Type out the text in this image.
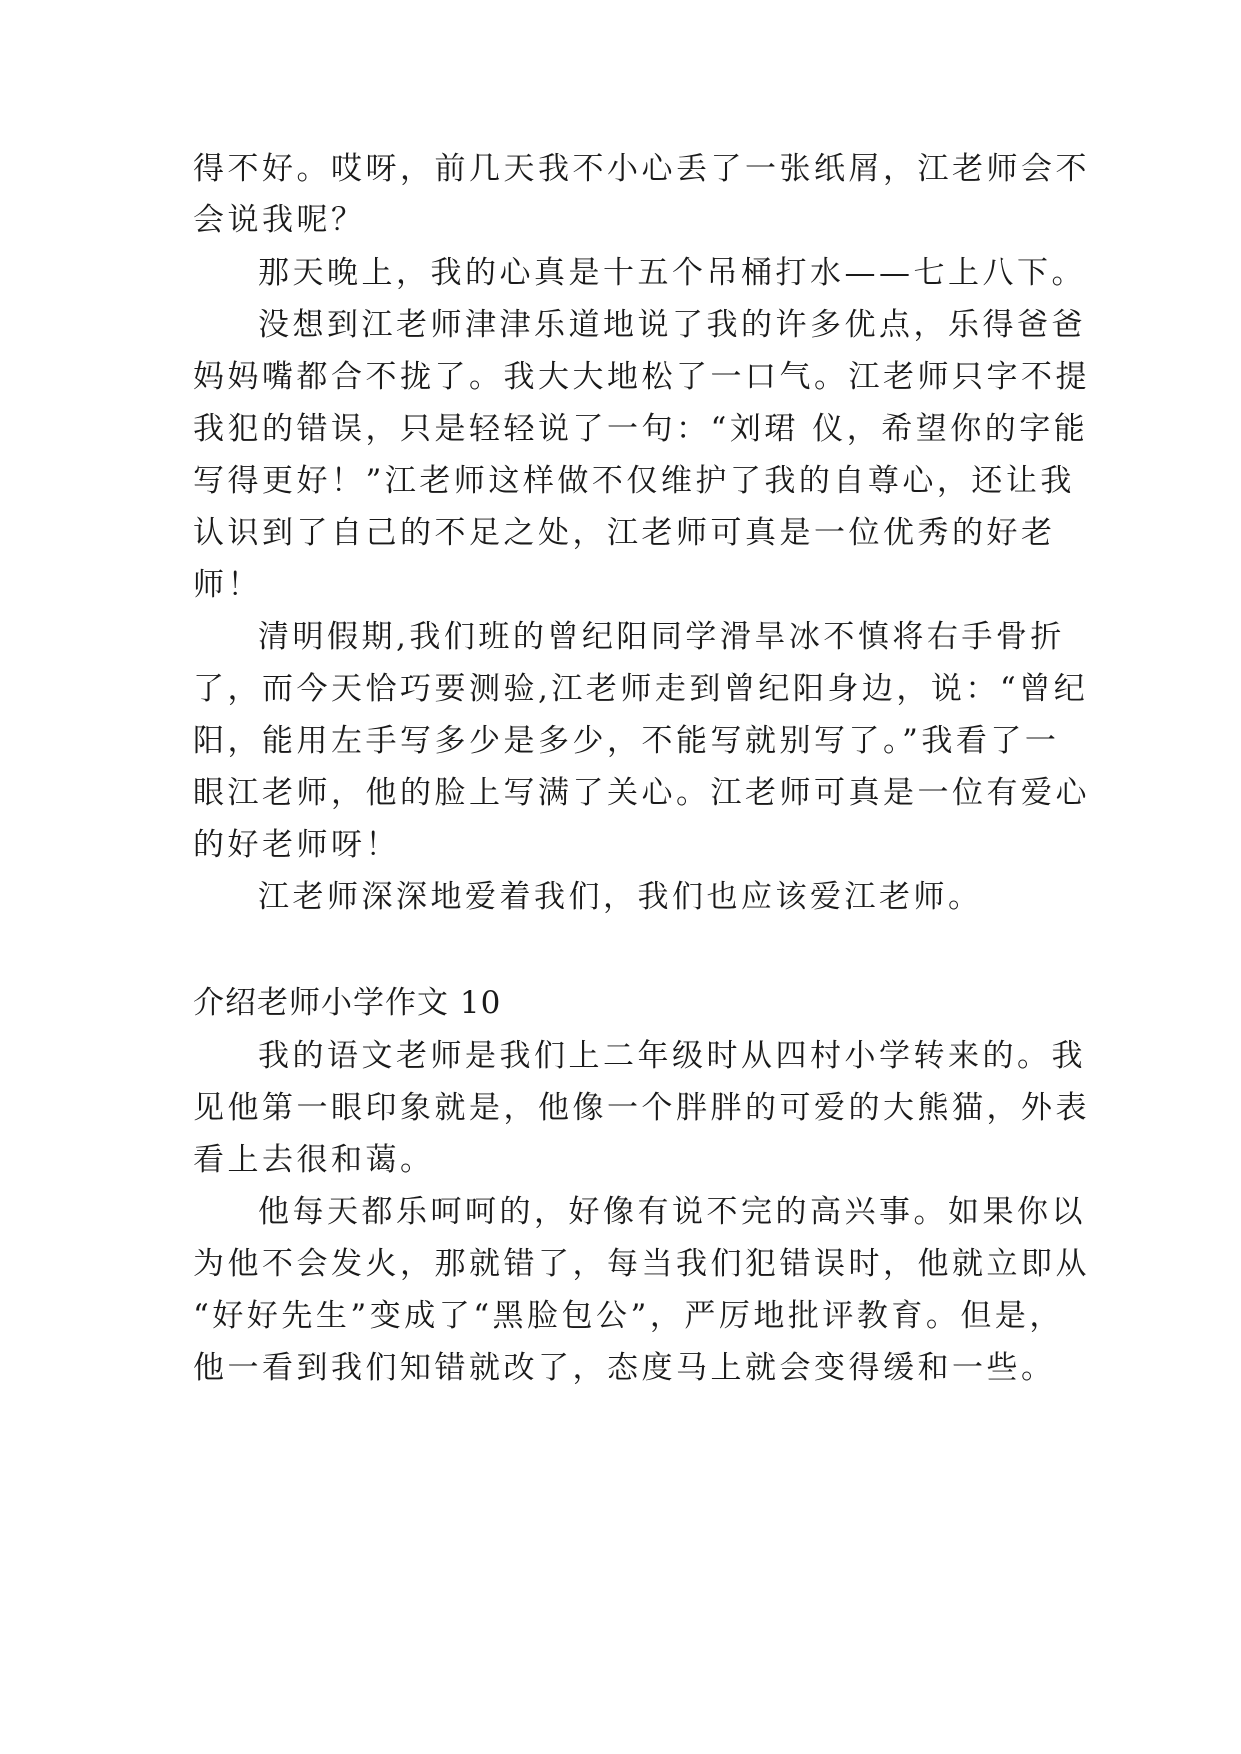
得不好。哎呀，前几天我不小心丢了一张纸屑，江老师会不
会说我呢？
那天晚上，我的心真是十五个吊桶打水——七上八下。
没想到江老师津津乐道地说了我的许多优点，乐得爸爸
妈妈嘴都合不拢了。我大大地松了一口气。江老师只字不提
我犯的错误，只是轻轻说了一句：“刘珺 仪，希望你的字能
写得更好！”江老师这样做不仅维护了我的自尊心，还让我
认识到了自己的不足之处，江老师可真是一位优秀的好老
师！
清明假期,我们班的曾纪阳同学滑旱冰不慎将右手骨折
了，而今天恰巧要测验,江老师走到曾纪阳身边，说：“曾纪
阳，能用左手写多少是多少，不能写就别写了。”我看了一
眼江老师，他的脸上写满了关心。江老师可真是一位有爱心
的好老师呀！
江老师深深地爱着我们，我们也应该爱江老师。
介绍老师小学作文 10
我的语文老师是我们上二年级时从四村小学转来的。我
见他第一眼印象就是，他像一个胖胖的可爱的大熊猫，外表
看上去很和蔼。
他每天都乐呵呵的，好像有说不完的高兴事。如果你以
为他不会发火，那就错了，每当我们犯错误时，他就立即从
“好好先生”变成了“黑脸包公”，严厉地批评教育。但是，
他一看到我们知错就改了，态度马上就会变得缓和一些。
